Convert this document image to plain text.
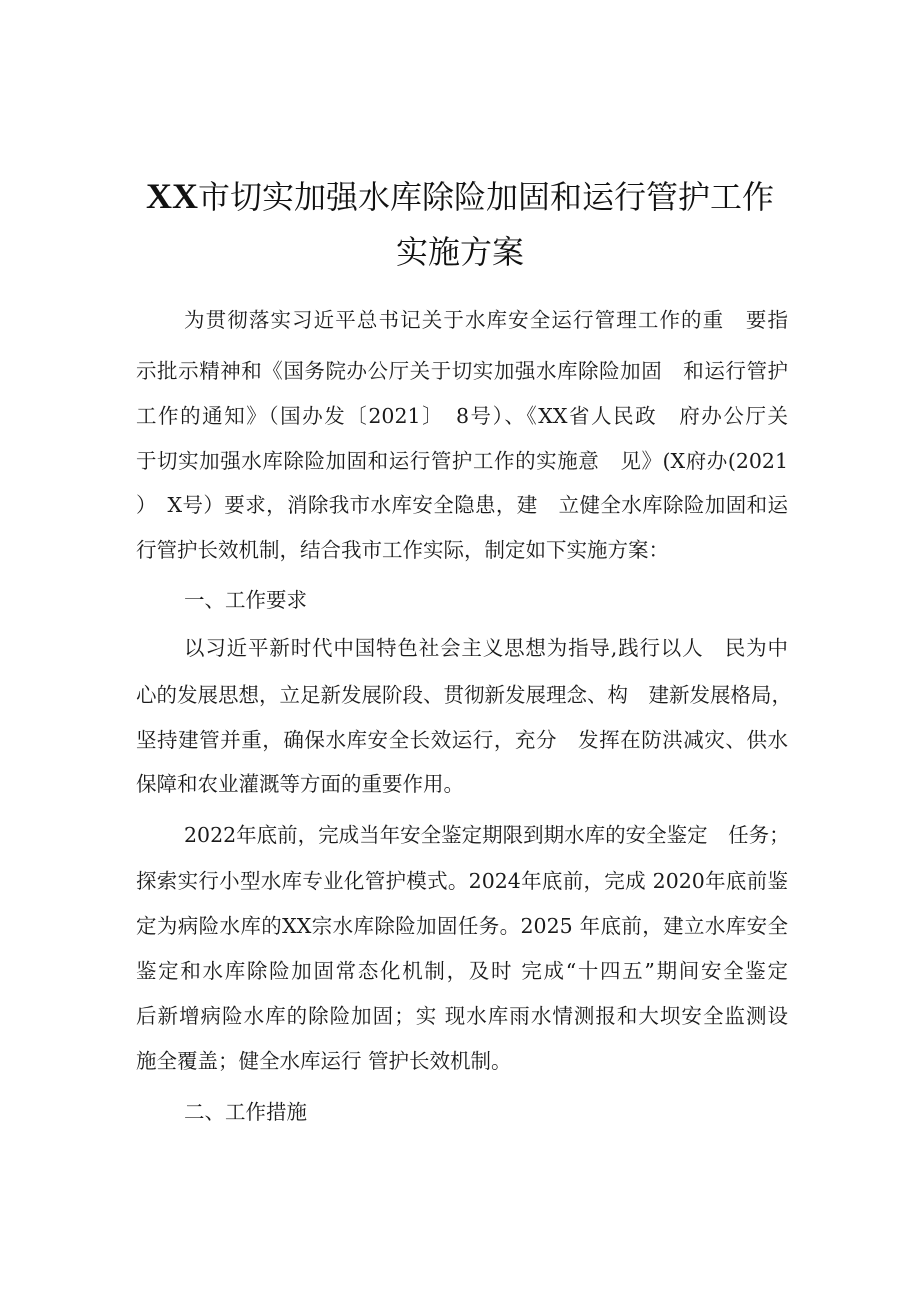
XX市切实加强水库除险加固和运行管护工作
实施方案
为贯彻落实习近平总书记关于水库安全运行管理工作的重　要指
示批示精神和《国务院办公厅关于切实加强水库除险加固　和运行管护
工作的通知》（国办发〔2021〕　8号）、《XX省人民政　府办公厅关
于切实加强水库除险加固和运行管护工作的实施意　见》(X府办(2021
）　X号）要求，消除我市水库安全隐患，建　立健全水库除险加固和运
行管护长效机制，结合我市工作实际，制定如下实施方案：
一、工作要求
以习近平新时代中国特色社会主义思想为指导,践行以人　民为中
心的发展思想，立足新发展阶段、贯彻新发展理念、构　建新发展格局，
坚持建管并重，确保水库安全长效运行，充分　发挥在防洪减灾、供水
保障和农业灌溉等方面的重要作用。
2022年底前，完成当年安全鉴定期限到期水库的安全鉴定　任务；
探索实行小型水库专业化管护模式。2024年底前，完成 2020年底前鉴
定为病险水库的XX宗水库除险加固任务。2025 年底前，建立水库安全
鉴定和水库除险加固常态化机制，及时 完成“十四五”期间安全鉴定
后新增病险水库的除险加固；实 现水库雨水情测报和大坝安全监测设
施全覆盖；健全水库运行 管护长效机制。
二、工作措施
